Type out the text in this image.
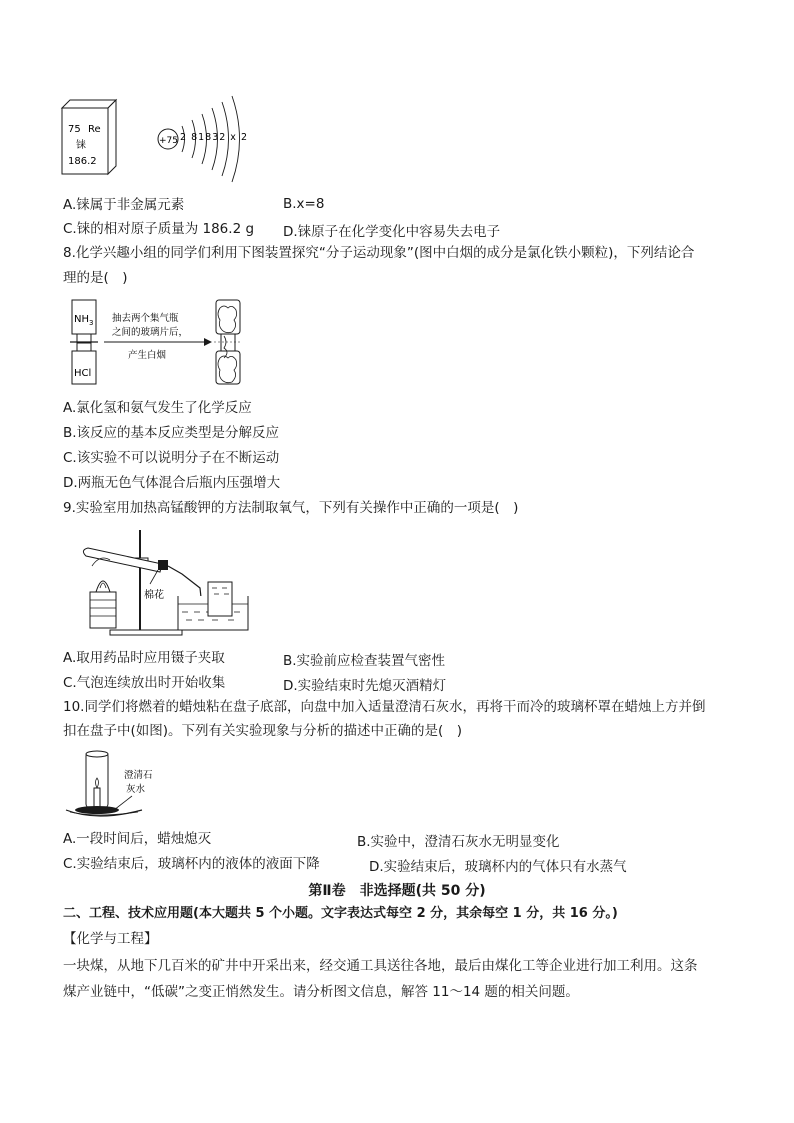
75 Re
铼
186.2
+75 2 81832 x 2
A.铼属于非金属元素	B.x=8
C.铼的相对原子质量为 186.2 g D.铼原子在化学变化中容易失去电子
8.化学兴趣小组的同学们利用下图装置探究“分子运动现象”(图中白烟的成分是氯化铁小颗粒)，下列结论合
理的是(　)
$NH_3$
HCl
抽去两个集气瓶
之间的玻璃片后，
产生白烟
A.氯化氢和氨气发生了化学反应
B.该反应的基本反应类型是分解反应
C.该实验不可以说明分子在不断运动
D.两瓶无色气体混合后瓶内压强增大
9.实验室用加热高锰酸钾的方法制取氧气，下列有关操作中正确的一项是(　)
棉花
A.取用药品时应用镊子夹取	B.实验前应检查装置气密性
C.气泡连续放出时开始收集	D.实验结束时先熄灭酒精灯
10.同学们将燃着的蜡烛粘在盘子底部，向盘中加入适量澄清石灰水，再将干而冷的玻璃杯罩在蜡烛上方并倒
扣在盘子中(如图)。下列有关实验现象与分析的描述中正确的是(　)
澄清石
灰水
A.一段时间后，蜡烛熄灭	B.实验中，澄清石灰水无明显变化
C.实验结束后，玻璃杯内的液体的液面下降	D.实验结束后，玻璃杯内的气体只有水蒸气
第Ⅱ卷　非选择题(共 50 分)
二、工程、技术应用题(本大题共 5 个小题。文字表达式每空 2 分，其余每空 1 分，共 16 分。)
【化学与工程】
一块煤，从地下几百米的矿井中开采出来，经交通工具送往各地，最后由煤化工等企业进行加工利用。这条
煤产业链中，“低碳”之变正悄然发生。请分析图文信息，解答 11～14 题的相关问题。
